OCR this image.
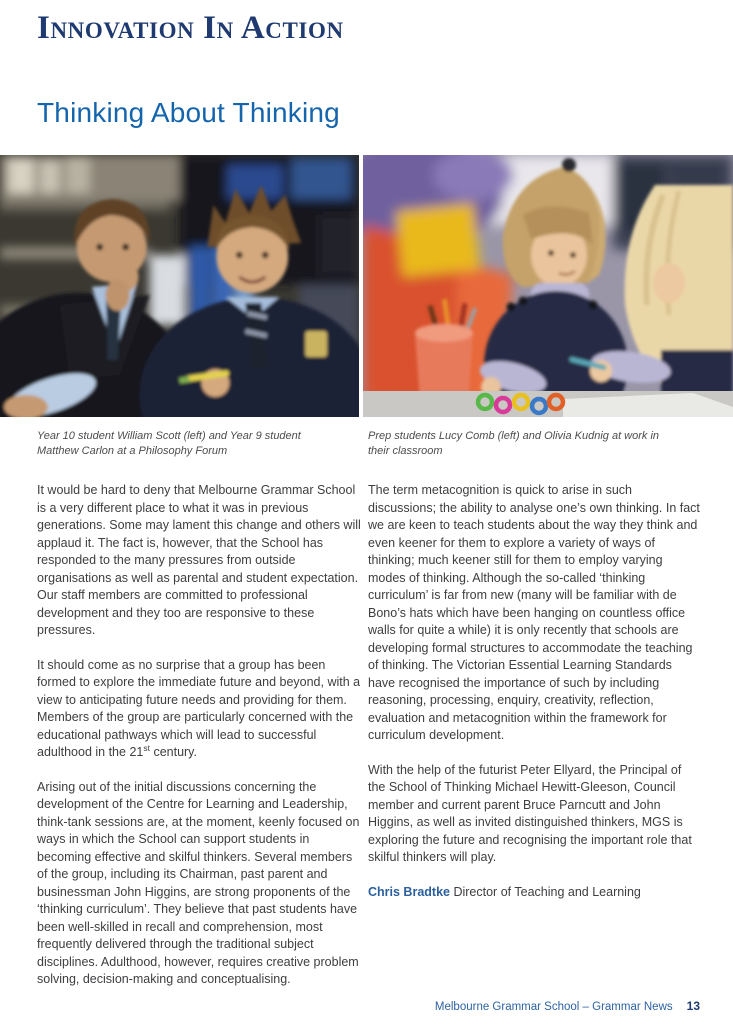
Innovation In Action
Thinking About Thinking

Year 10 student William Scott (left) and Year 9 student Matthew Carlon at a Philosophy Forum

Prep students Lucy Comb (left) and Olivia Kudnig at work in their classroom

It would be hard to deny that Melbourne Grammar School is a very different place to what it was in previous generations. Some may lament this change and others will applaud it. The fact is, however, that the School has responded to the many pressures from outside organisations as well as parental and student expectation. Our staff members are committed to professional development and they too are responsive to these pressures.

It should come as no surprise that a group has been formed to explore the immediate future and beyond, with a view to anticipating future needs and providing for them. Members of the group are particularly concerned with the educational pathways which will lead to successful adulthood in the 21st century.

Arising out of the initial discussions concerning the development of the Centre for Learning and Leadership, think-tank sessions are, at the moment, keenly focused on ways in which the School can support students in becoming effective and skilful thinkers. Several members of the group, including its Chairman, past parent and businessman John Higgins, are strong proponents of the ‘thinking curriculum’. They believe that past students have been well-skilled in recall and comprehension, most frequently delivered through the traditional subject disciplines. Adulthood, however, requires creative problem solving, decision-making and conceptualising.

The term metacognition is quick to arise in such discussions; the ability to analyse one’s own thinking. In fact we are keen to teach students about the way they think and even keener for them to explore a variety of ways of thinking; much keener still for them to employ varying modes of thinking. Although the so-called ‘thinking curriculum’ is far from new (many will be familiar with de Bono’s hats which have been hanging on countless office walls for quite a while) it is only recently that schools are developing formal structures to accommodate the teaching of thinking. The Victorian Essential Learning Standards have recognised the importance of such by including reasoning, processing, enquiry, creativity, reflection, evaluation and metacognition within the framework for curriculum development.

With the help of the futurist Peter Ellyard, the Principal of the School of Thinking Michael Hewitt-Gleeson, Council member and current parent Bruce Parncutt and John Higgins, as well as invited distinguished thinkers, MGS is exploring the future and recognising the important role that skilful thinkers will play.

Chris Bradtke Director of Teaching and Learning

Melbourne Grammar School – Grammar News 13
